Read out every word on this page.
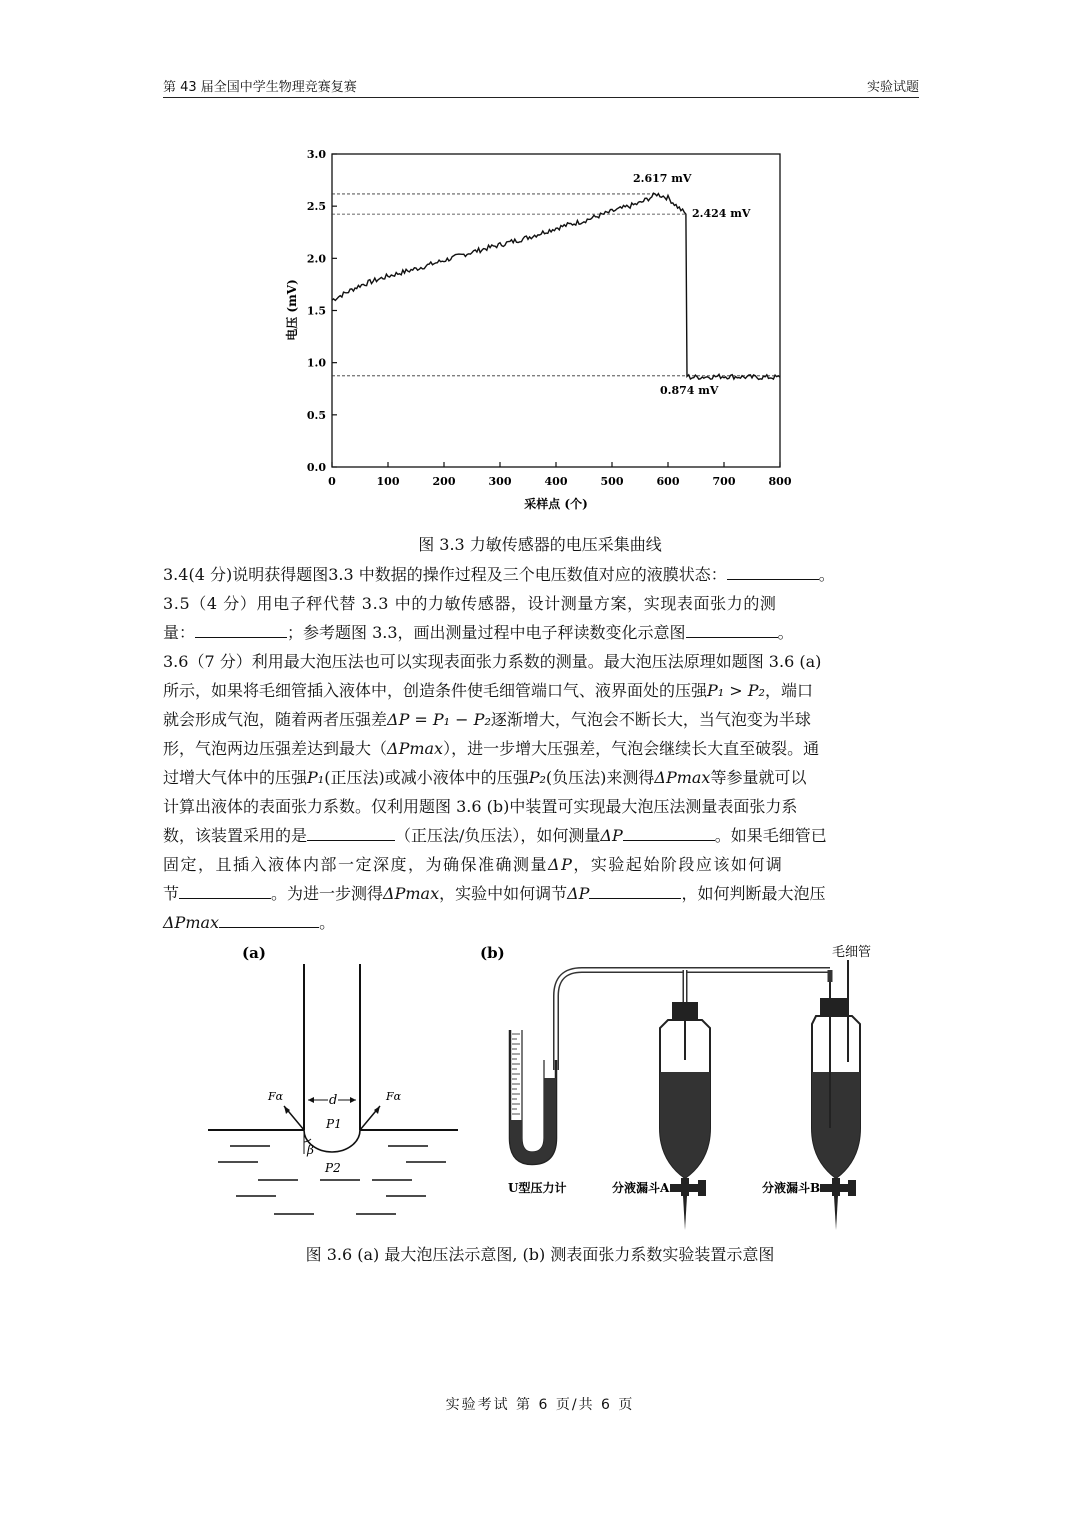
第 43 届全国中学生物理竞赛复赛	实验试题
0.0
0.5
1.0
1.5
2.0
2.5
3.0
0	100	200	300	400	500	600	700	800
2.617 mV
2.424 mV
0.874 mV
采样点 (个)
电压 (mV)
图 3.3 力敏传感器的电压采集曲线

3.4(4 分)说明获得题图3.3 中数据的操作过程及三个电压数值对应的液膜状态：	。

3.5（4 分）用电子秤代替 3.3 中的力敏传感器，设计测量方案，实现表面张力的测

量：	；参考题图 3.3，画出测量过程中电子秤读数变化示意图	。

3.6（7 分）利用最大泡压法也可以实现表面张力系数的测量。最大泡压法原理如题图 3.6 (a)

所示，如果将毛细管插入液体中，创造条件使毛细管端口气、液界面处的压强P₁ > P₂，端口

就会形成气泡，随着两者压强差ΔP = P₁ − P₂逐渐增大，气泡会不断长大，当气泡变为半球

形，气泡两边压强差达到最大（ΔPmax），进一步增大压强差，气泡会继续长大直至破裂。通

过增大气体中的压强P₁(正压法)或减小液体中的压强P₂(负压法)来测得ΔPmax等参量就可以

计算出液体的表面张力系数。仅利用题图 3.6 (b)中装置可实现最大泡压法测量表面张力系

数，该装置采用的是	（正压法/负压法），如何测量ΔP	。如果毛细管已

固定，且插入液体内部一定深度，为确保准确测量ΔP，实验起始阶段应该如何调

节	。为进一步测得ΔPmax，实验中如何调节ΔP	，如何判断最大泡压

ΔPmax	。

(a)
d
Fα	Fα
P1
β
P2
(b)	毛细管
U型压力计	分液漏斗A	分液漏斗B
图 3.6 (a) 最大泡压法示意图, (b) 测表面张力系数实验装置示意图
实验考试 第 6 页/共 6 页
